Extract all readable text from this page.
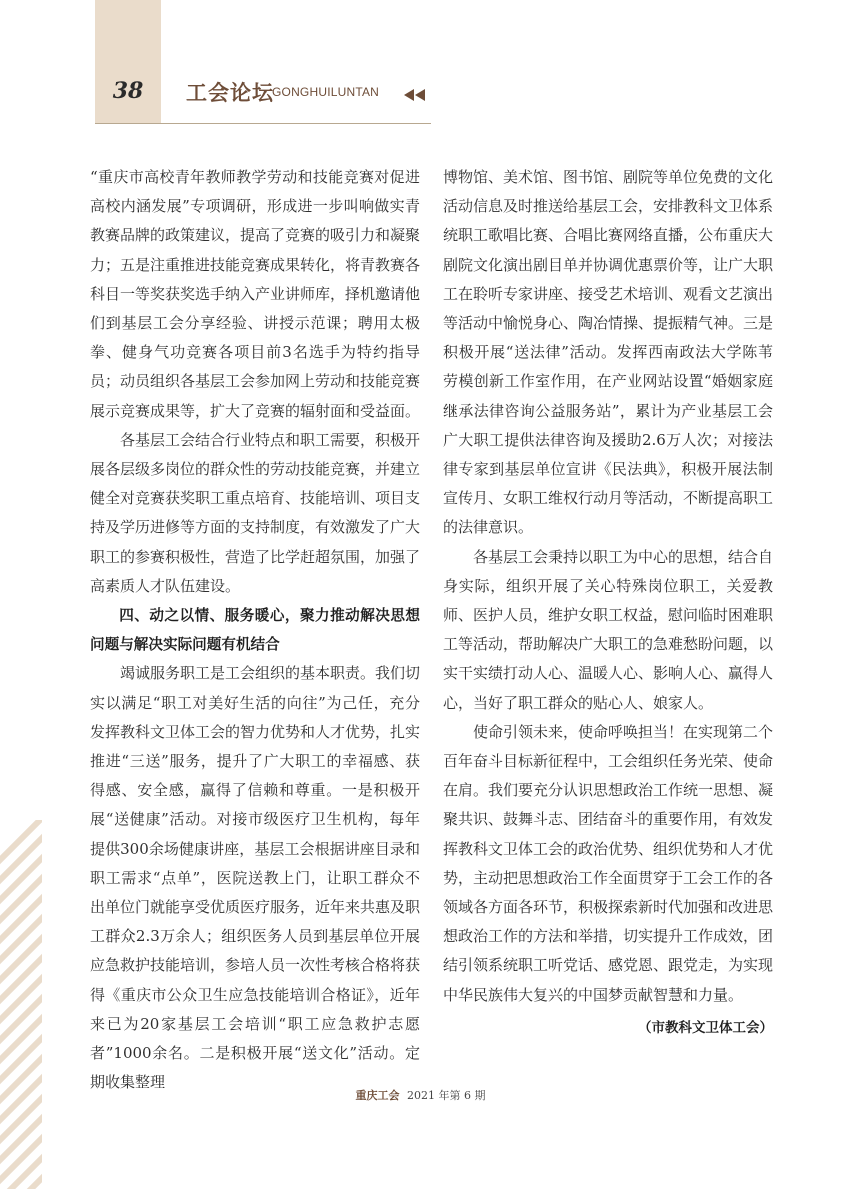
38	工会论坛
GONGHUILUNTAN

“重庆市高校青年教师教学劳动和技能竞赛对促进高校内涵发展”专项调研，形成进一步叫响做实青教赛品牌的政策建议，提高了竞赛的吸引力和凝聚力；五是注重推进技能竞赛成果转化，将青教赛各科目一等奖获奖选手纳入产业讲师库，择机邀请他们到基层工会分享经验、讲授示范课；聘用太极拳、健身气功竞赛各项目前3名选手为特约指导员；动员组织各基层工会参加网上劳动和技能竞赛展示竞赛成果等，扩大了竞赛的辐射面和受益面。

各基层工会结合行业特点和职工需要，积极开展各层级多岗位的群众性的劳动技能竞赛，并建立健全对竞赛获奖职工重点培育、技能培训、项目支持及学历进修等方面的支持制度，有效激发了广大职工的参赛积极性，营造了比学赶超氛围，加强了高素质人才队伍建设。

四、动之以情、服务暖心，聚力推动解决思想问题与解决实际问题有机结合

竭诚服务职工是工会组织的基本职责。我们切实以满足“职工对美好生活的向往”为己任，充分发挥教科文卫体工会的智力优势和人才优势，扎实推进“三送”服务，提升了广大职工的幸福感、获得感、安全感，赢得了信赖和尊重。一是积极开展“送健康”活动。对接市级医疗卫生机构，每年提供300余场健康讲座，基层工会根据讲座目录和职工需求“点单”，医院送教上门，让职工群众不出单位门就能享受优质医疗服务，近年来共惠及职工群众2.3万余人；组织医务人员到基层单位开展应急救护技能培训，参培人员一次性考核合格将获得《重庆市公众卫生应急技能培训合格证》，近年来已为20家基层工会培训“职工应急救护志愿者”1000余名。二是积极开展“送文化”活动。定期收集整理

博物馆、美术馆、图书馆、剧院等单位免费的文化活动信息及时推送给基层工会，安排教科文卫体系统职工歌唱比赛、合唱比赛网络直播，公布重庆大剧院文化演出剧目单并协调优惠票价等，让广大职工在聆听专家讲座、接受艺术培训、观看文艺演出等活动中愉悦身心、陶冶情操、提振精气神。三是积极开展“送法律”活动。发挥西南政法大学陈苇劳模创新工作室作用，在产业网站设置“婚姻家庭继承法律咨询公益服务站”，累计为产业基层工会广大职工提供法律咨询及援助2.6万人次；对接法律专家到基层单位宣讲《民法典》，积极开展法制宣传月、女职工维权行动月等活动，不断提高职工的法律意识。

各基层工会秉持以职工为中心的思想，结合自身实际，组织开展了关心特殊岗位职工，关爱教师、医护人员，维护女职工权益，慰问临时困难职工等活动，帮助解决广大职工的急难愁盼问题，以实干实绩打动人心、温暖人心、影响人心、赢得人心，当好了职工群众的贴心人、娘家人。

使命引领未来，使命呼唤担当！在实现第二个百年奋斗目标新征程中，工会组织任务光荣、使命在肩。我们要充分认识思想政治工作统一思想、凝聚共识、鼓舞斗志、团结奋斗的重要作用，有效发挥教科文卫体工会的政治优势、组织优势和人才优势，主动把思想政治工作全面贯穿于工会工作的各领域各方面各环节，积极探索新时代加强和改进思想政治工作的方法和举措，切实提升工作成效，团结引领系统职工听党话、感党恩、跟党走，为实现中华民族伟大复兴的中国梦贡献智慧和力量。

（市教科文卫体工会）

重庆工会 2021 年第 6 期
